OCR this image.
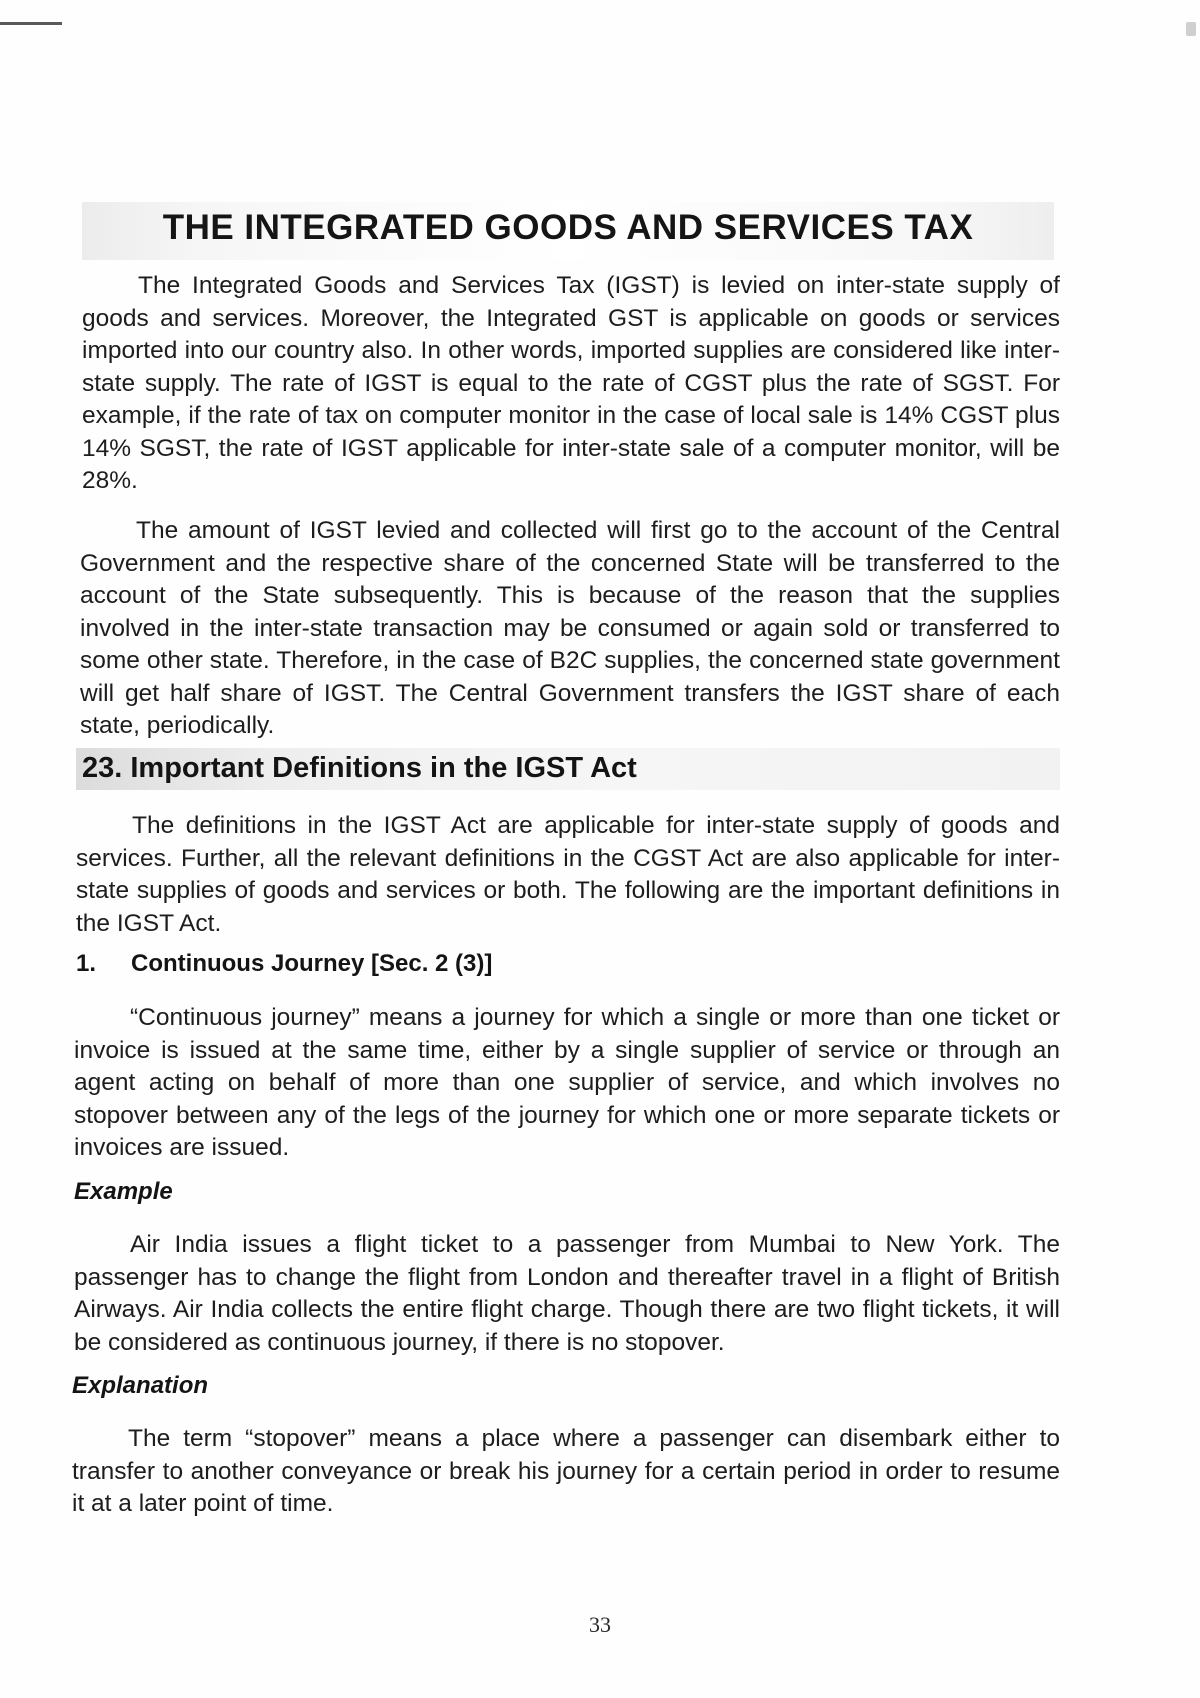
THE INTEGRATED GOODS AND SERVICES TAX

The Integrated Goods and Services Tax (IGST) is levied on inter-state supply of goods and services. Moreover, the Integrated GST is applicable on goods or services imported into our country also. In other words, imported supplies are considered like inter-state supply. The rate of IGST is equal to the rate of CGST plus the rate of SGST. For example, if the rate of tax on computer monitor in the case of local sale is 14% CGST plus 14% SGST, the rate of IGST applicable for inter-state sale of a computer monitor, will be 28%.

The amount of IGST levied and collected will first go to the account of the Central Government and the respective share of the concerned State will be transferred to the account of the State subsequently. This is because of the reason that the supplies involved in the inter-state transaction may be consumed or again sold or transferred to some other state. Therefore, in the case of B2C supplies, the concerned state government will get half share of IGST. The Central Government transfers the IGST share of each state, periodically.

23. Important Definitions in the IGST Act

The definitions in the IGST Act are applicable for inter-state supply of goods and services. Further, all the relevant definitions in the CGST Act are also applicable for inter-state supplies of goods and services or both. The following are the important definitions in the IGST Act.

1. Continuous Journey [Sec. 2 (3)]

“Continuous journey” means a journey for which a single or more than one ticket or invoice is issued at the same time, either by a single supplier of service or through an agent acting on behalf of more than one supplier of service, and which involves no stopover between any of the legs of the journey for which one or more separate tickets or invoices are issued.

Example

Air India issues a flight ticket to a passenger from Mumbai to New York. The passenger has to change the flight from London and thereafter travel in a flight of British Airways. Air India collects the entire flight charge. Though there are two flight tickets, it will be considered as continuous journey, if there is no stopover.

Explanation

The term “stopover” means a place where a passenger can disembark either to transfer to another conveyance or break his journey for a certain period in order to resume it at a later point of time.

33
